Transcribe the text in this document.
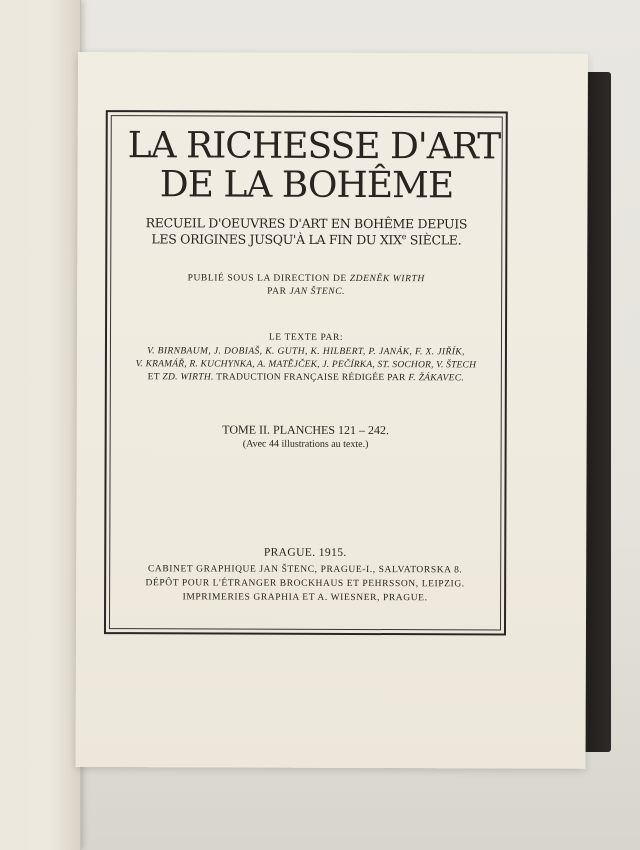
LA RICHESSE D'ART
DE LA BOHÊME
RECUEIL D'OEUVRES D'ART EN BOHÊME DEPUIS
LES ORIGINES JUSQU'À LA FIN DU XIXe SIÈCLE.
PUBLIÉ SOUS LA DIRECTION DE ZDENĚK WIRTH
PAR JAN ŠTENC.
LE TEXTE PAR:
V. BIRNBAUM, J. DOBIAŠ, K. GUTH, K. HILBERT, P. JANÁK, F. X. JIŘÍK,
V. KRAMÁŘ, R. KUCHYNKA, A. MATĚJČEK, J. PEČÍRKA, ST. SOCHOR, V. ŠTECH
ET ZD. WIRTH. TRADUCTION FRANÇAISE RÉDIGÉE PAR F. ŽÁKAVEC.
TOME II. PLANCHES 121 – 242.
(Avec 44 illustrations au texte.)
PRAGUE. 1915.
CABINET GRAPHIQUE JAN ŠTENC, PRAGUE-I., SALVATORSKA 8.
DÉPÔT POUR L'ÉTRANGER BROCKHAUS ET PEHRSSON, LEIPZIG.
IMPRIMERIES GRAPHIA ET A. WIESNER, PRAGUE.
